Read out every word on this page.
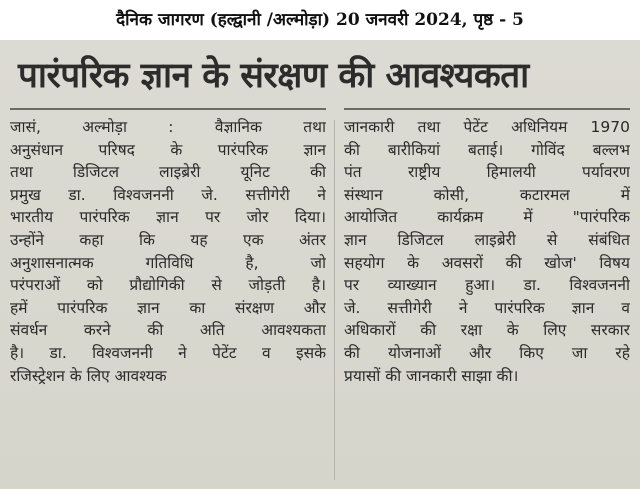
दैनिक जागरण (हल्द्वानी /अल्मोड़ा) 20 जनवरी 2024, पृष्ठ - 5
पारंपरिक ज्ञान के संरक्षण की आवश्यकता
जासं, अल्मोड़ा : वैज्ञानिक तथा
अनुसंधान परिषद के पारंपरिक ज्ञान
तथा डिजिटल लाइब्रेरी यूनिट की
प्रमुख डा. विश्वजननी जे. सत्तीगेरी ने
भारतीय पारंपरिक ज्ञान पर जोर दिया।
उन्होंने कहा कि यह एक अंतर
अनुशासनात्मक गतिविधि है, जो
परंपराओं को प्रौद्योगिकी से जोड़ती है।
हमें पारंपरिक ज्ञान का संरक्षण और
संवर्धन करने की अति आवश्यकता
है। डा. विश्वजननी ने पेटेंट व इसके
रजिस्ट्रेशन के लिए आवश्यक
जानकारी तथा पेटेंट अधिनियम 1970
की बारीकियां बताई। गोविंद बल्लभ
पंत राष्ट्रीय हिमालयी पर्यावरण
संस्थान कोसी, कटारमल में
आयोजित कार्यक्रम में "पारंपरिक
ज्ञान डिजिटल लाइब्रेरी से संबंधित
सहयोग के अवसरों की खोज' विषय
पर व्याख्यान हुआ। डा. विश्वजननी
जे. सत्तीगेरी ने पारंपरिक ज्ञान व
अधिकारों की रक्षा के लिए सरकार
की योजनाओं और किए जा रहे
प्रयासों की जानकारी साझा की।
